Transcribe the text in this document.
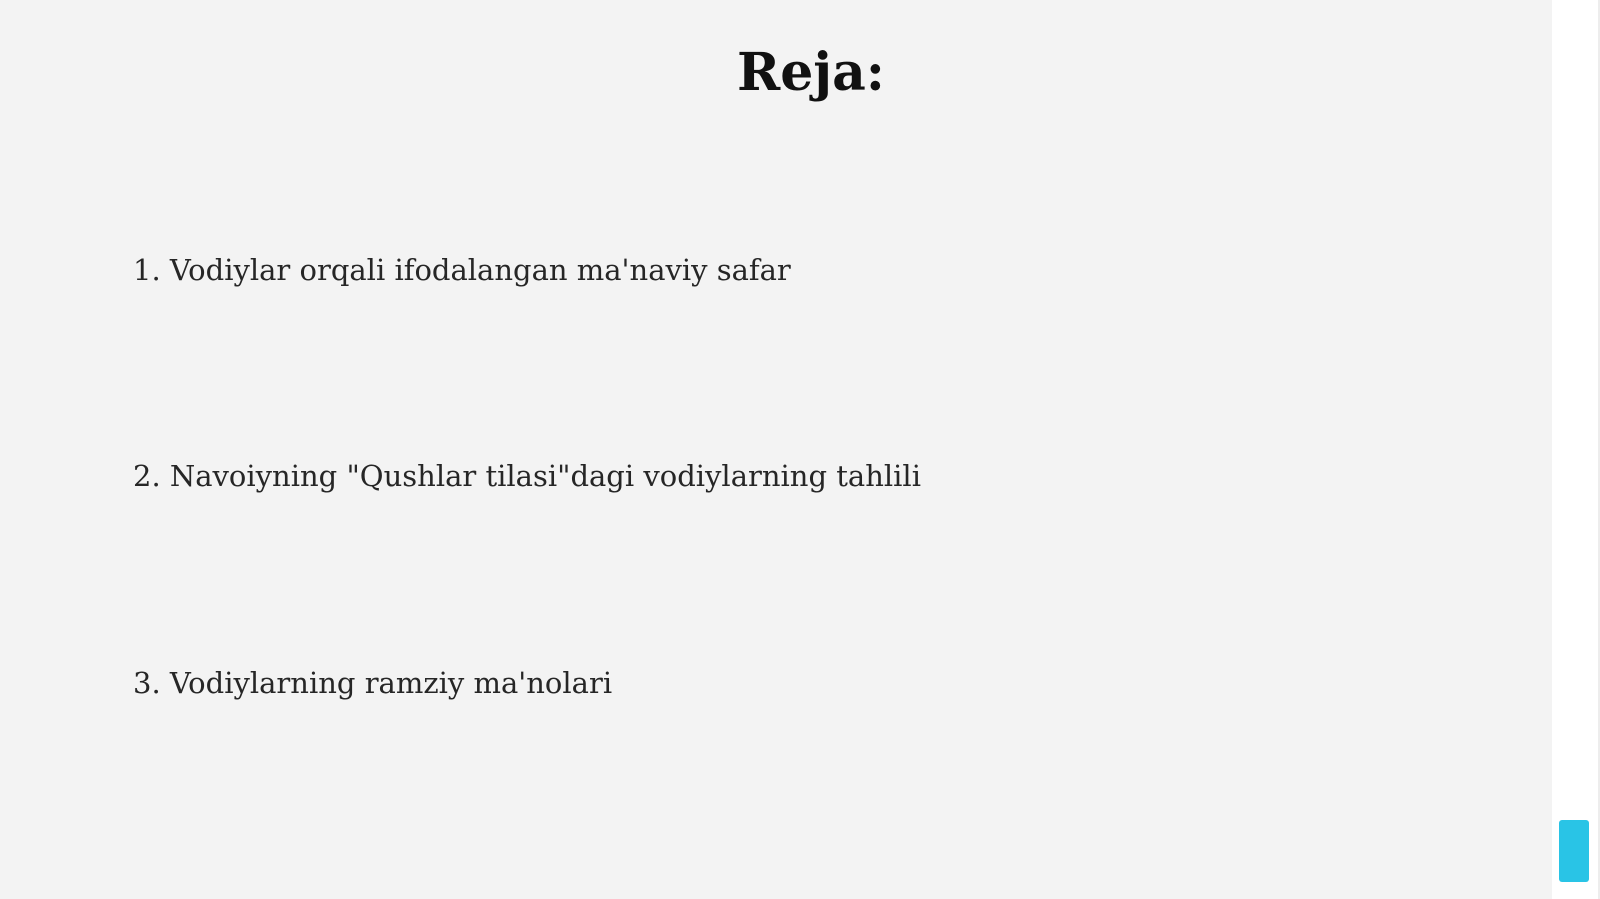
Reja:

1. Vodiylar orqali ifodalangan ma'naviy safar

2. Navoiyning "Qushlar tilasi"dagi vodiylarning tahlili

3. Vodiylarning ramziy ma'nolari
